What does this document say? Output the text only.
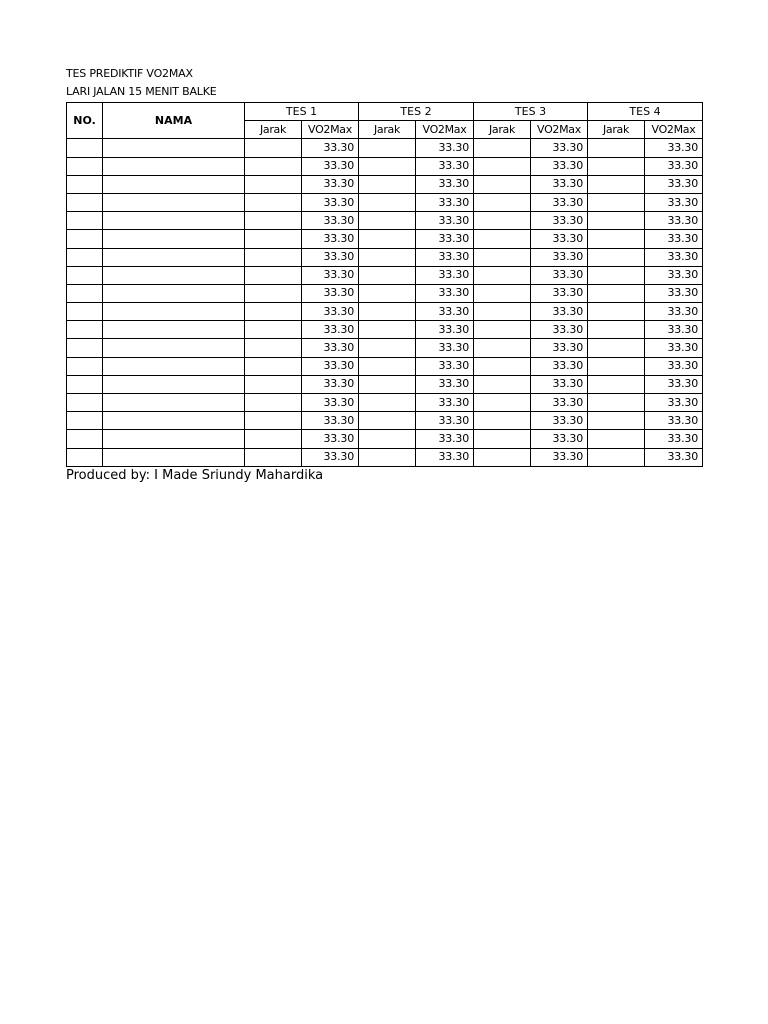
TES PREDIKTIF VO2MAX
LARI JALAN 15 MENIT BALKE
NO.	NAMA	TES 1		TES 2		TES 3		TES 4	
		Jarak	VO2Max	Jarak	VO2Max	Jarak	VO2Max	Jarak	VO2Max
			33.30		33.30		33.30		33.30
			33.30		33.30		33.30		33.30
			33.30		33.30		33.30		33.30
			33.30		33.30		33.30		33.30
			33.30		33.30		33.30		33.30
			33.30		33.30		33.30		33.30
			33.30		33.30		33.30		33.30
			33.30		33.30		33.30		33.30
			33.30		33.30		33.30		33.30
			33.30		33.30		33.30		33.30
			33.30		33.30		33.30		33.30
			33.30		33.30		33.30		33.30
			33.30		33.30		33.30		33.30
			33.30		33.30		33.30		33.30
			33.30		33.30		33.30		33.30
			33.30		33.30		33.30		33.30
			33.30		33.30		33.30		33.30
			33.30		33.30		33.30		33.30
Produced by: I Made Sriundy Mahardika
